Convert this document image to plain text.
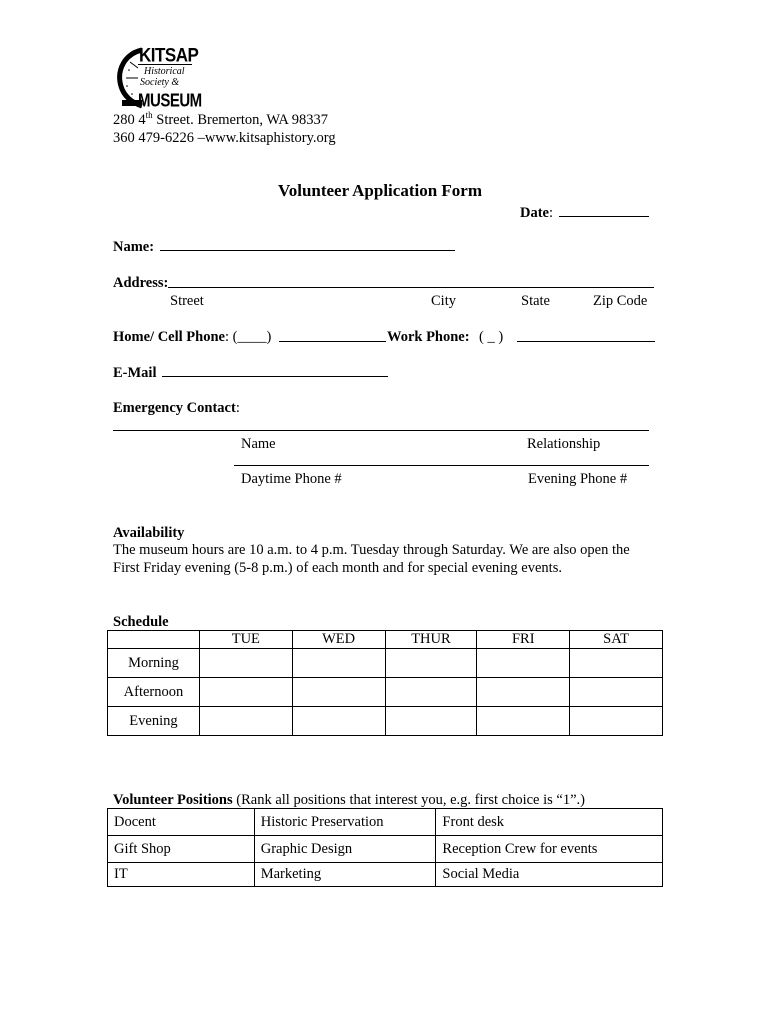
KITSAP
Historical
Society &
MUSEUM
280 4th Street. Bremerton, WA 98337
360 479-6226 –www.kitsaphistory.org
Volunteer Application Form
Date:
Name:
Address:
Street	City	State	Zip Code
Home/ Cell Phone: (____)	Work Phone: ( _ )
E-Mail
Emergency Contact:
Name	Relationship
Daytime Phone #	Evening Phone #
Availability
The museum hours are 10 a.m. to 4 p.m. Tuesday through Saturday. We are also open the
First Friday evening (5-8 p.m.) of each month and for special evening events.
Schedule
	TUE	WED	THUR	FRI	SAT
Morning					
Afternoon					
Evening					
Volunteer Positions (Rank all positions that interest you, e.g. first choice is “1”.)
Docent	Historic Preservation	Front desk
Gift Shop	Graphic Design	Reception Crew for events
IT	Marketing	Social Media
